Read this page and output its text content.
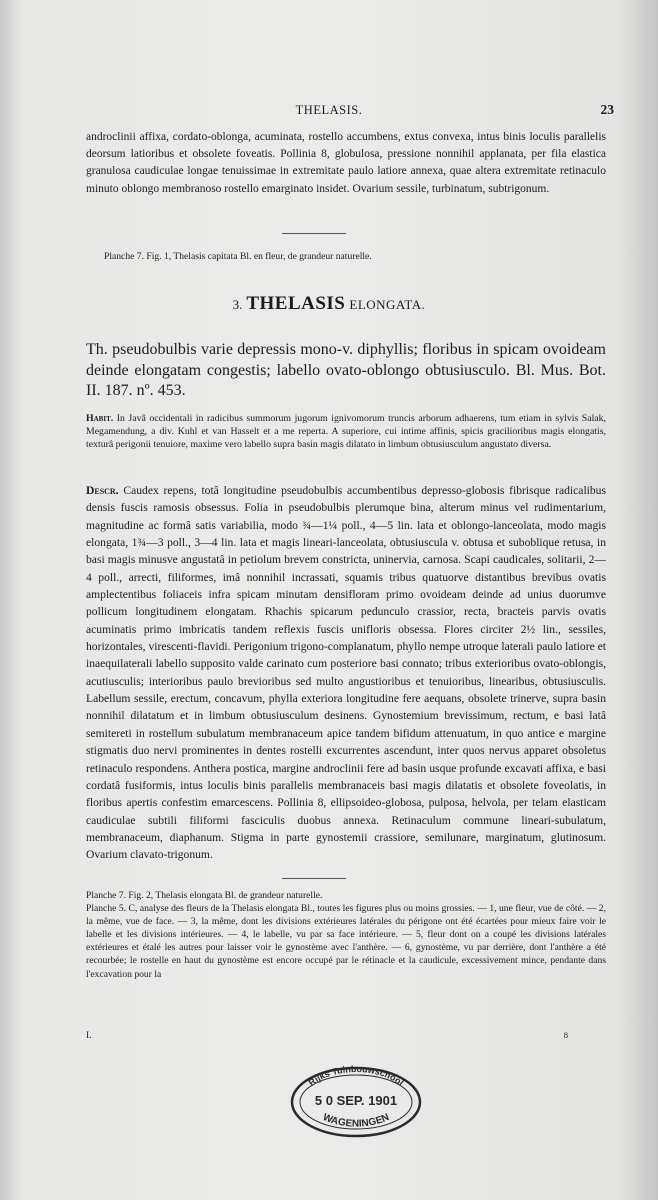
THELASIS.	23

androclinii affixa, cordato-oblonga, acuminata, rostello accumbens, extus convexa, intus binis loculis parallelis deorsum latioribus et obsolete foveatis. Pollinia 8, globulosa, pressione nonnihil applanata, per fila elastica granulosa caudiculae longae tenuissimae in extremitate paulo latiore annexa, quae altera extremitate retinaculo minuto oblongo membranoso rostello emarginato insidet. Ovarium sessile, turbinatum, subtrigonum.

Planche 7. Fig. 1, Thelasis capitata Bl. en fleur, de grandeur naturelle.

3. THELASIS ELONGATA.

Th. pseudobulbis varie depressis mono-v. diphyllis; floribus in spicam ovoideam deinde elongatam congestis; labello ovato-oblongo obtusiusculo. Bl. Mus. Bot. II. 187. nº. 453.

Habit. In Javâ occidentali in radicibus summorum jugorum ignivomorum truncis arborum adhaerens, tum etiam in sylvis Salak, Megamendung, a div. Kuhl et van Hasselt et a me reperta. A superiore, cui intime affinis, spicis gracilioribus magis elongatis, texturâ perigonii tenuiore, maxime vero labello supra basin magis dilatato in limbum obtusiusculum angustato diversa.

Descr. Caudex repens, totâ longitudine pseudobulbis accumbentibus depresso-globosis fibrisque radicalibus densis fuscis ramosis obsessus. Folia in pseudobulbis plerumque bina, alterum minus vel rudimentarium, magnitudine ac formâ satis variabilia, modo ¾—1¼ poll., 4—5 lin. lata et oblongo-lanceolata, modo magis elongata, 1¾—3 poll., 3—4 lin. lata et magis lineari-lanceolata, obtusiuscula v. obtusa et suboblique retusa, in basi magis minusve angustatâ in petiolum brevem constricta, uninervia, carnosa. Scapi caudicales, solitarii, 2—4 poll., arrecti, filiformes, imâ nonnihil incrassati, squamis tribus quatuorve distantibus brevibus ovatis amplectentibus foliaceis infra spicam minutam densifloram primo ovoideam deinde ad unius duorumve pollicum longitudinem elongatam. Rhachis spicarum pedunculo crassior, recta, bracteis parvis ovatis acuminatis primo imbricatis tandem reflexis fuscis unifloris obsessa. Flores circiter 2½ lin., sessiles, horizontales, virescenti-flavidi. Perigonium trigono-complanatum, phyllo nempe utroque laterali paulo latiore et inaequilaterali labello supposito valde carinato cum posteriore basi connato; tribus exterioribus ovato-oblongis, acutiusculis; interioribus paulo brevioribus sed multo angustioribus et tenuioribus, linearibus, obtusiusculis. Labellum sessile, erectum, concavum, phylla exteriora longitudine fere aequans, obsolete trinerve, supra basin nonnihil dilatatum et in limbum obtusiusculum desinens. Gynostemium brevissimum, rectum, e basi latâ semitereti in rostellum subulatum membranaceum apice tandem bifidum attenuatum, in quo antice e margine stigmatis duo nervi prominentes in dentes rostelli excurrentes ascendunt, inter quos nervus apparet obsoletus retinaculo respondens. Anthera postica, margine androclinii fere ad basin usque profunde excavati affixa, e basi cordatâ fusiformis, intus loculis binis parallelis membranaceis basi magis dilatatis et obsolete foveolatis, in floribus apertis confestim emarcescens. Pollinia 8, ellipsoideo-globosa, pulposa, helvola, per telam elasticam caudiculae subtili filiformi fasciculis duobus annexa. Retinaculum commune lineari-subulatum, membranaceum, diaphanum. Stigma in parte gynostemii crassiore, semilunare, marginatum, glutinosum. Ovarium clavato-trigonum.

Planche 7. Fig. 2, Thelasis elongata Bl. de grandeur naturelle.

Planche 5. C, analyse des fleurs de la Thelasis elongata Bl., toutes les figures plus ou moins grossies. — 1, une fleur, vue de côté. — 2, la même, vue de face. — 3, la même, dont les divisions extérieures latérales du périgone ont été écartées pour mieux faire voir le labelle et les divisions intérieures. — 4, le labelle, vu par sa face intérieure. — 5, fleur dont on a coupé les divisions latérales extérieures et étalé les autres pour laisser voir le gynostème avec l'anthère. — 6, gynostème, vu par derrière, dont l'anthère a été recourbée; le rostelle en haut du gynostème est encore occupé par le rétinacle et la caudicule, excessivement mince, pendante dans l'excavation pour la

I.	8
Rijks Tuinbouwschool
5 0 SEP. 1901
WAGENINGEN
